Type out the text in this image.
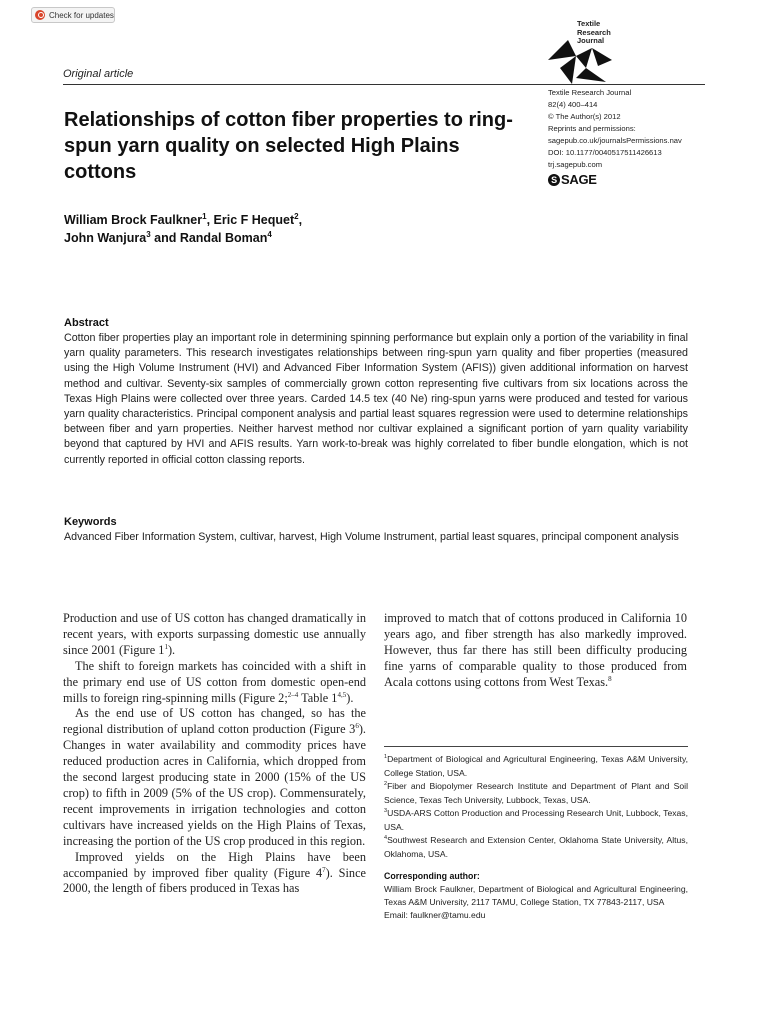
Check for updates
Textile
Research
Journal
Original article
Relationships of cotton fiber properties to ring-spun yarn quality on selected High Plains cottons
William Brock Faulkner$^1$, Eric F Hequet$^2$,
John Wanjura$^3$ and Randal Boman$^4$
Textile Research Journal
82(4) 400–414
© The Author(s) 2012
Reprints and permissions:
sagepub.co.uk/journalsPermissions.nav
DOI: 10.1177/0040517511426613
trj.sagepub.com
S SAGE
Abstract
Cotton fiber properties play an important role in determining spinning performance but explain only a portion of the variability in final yarn quality parameters. This research investigates relationships between ring-spun yarn quality and fiber properties (measured using the High Volume Instrument (HVI) and Advanced Fiber Information System (AFIS)) given additional information on harvest method and cultivar. Seventy-six samples of commercially grown cotton representing five cultivars from six locations across the Texas High Plains were collected over three years. Carded 14.5 tex (40 Ne) ring-spun yarns were produced and tested for various yarn quality characteristics. Principal component analysis and partial least squares regression were used to determine relationships between fiber and yarn properties. Neither harvest method nor cultivar explained a significant portion of yarn quality variability beyond that captured by HVI and AFIS results. Yarn work-to-break was highly correlated to fiber bundle elongation, which is not currently reported in official cotton classing reports.
Keywords
Advanced Fiber Information System, cultivar, harvest, High Volume Instrument, partial least squares, principal component analysis

Production and use of US cotton has changed dramatically in recent years, with exports surpassing domestic use annually since 2001 (Figure $1^1$).

The shift to foreign markets has coincided with a shift in the primary end use of US cotton from domestic open-end mills to foreign ring-spinning mills (Figure 2;$^{2-4}$ Table 1$^{4,5}$).

As the end use of US cotton has changed, so has the regional distribution of upland cotton production (Figure $3^6$). Changes in water availability and commodity prices have reduced production acres in California, which dropped from the second largest producing state in 2000 (15% of the US crop) to fifth in 2009 (5% of the US crop). Commensurately, recent improvements in irrigation technologies and cotton cultivars have increased yields on the High Plains of Texas, increasing the portion of the US crop produced in this region.

Improved yields on the High Plains have been accompanied by improved fiber quality (Figure $4^7$). Since 2000, the length of fibers produced in Texas has

improved to match that of cottons produced in California 10 years ago, and fiber strength has also markedly improved. However, thus far there has still been difficulty producing fine yarns of comparable quality to those produced from Acala cottons using cottons from West Texas.$^8$

$^1$Department of Biological and Agricultural Engineering, Texas A&M University, College Station, USA.
$^2$Fiber and Biopolymer Research Institute and Department of Plant and Soil Science, Texas Tech University, Lubbock, Texas, USA.
$^3$USDA-ARS Cotton Production and Processing Research Unit, Lubbock, Texas, USA.
$^4$Southwest Research and Extension Center, Oklahoma State University, Altus, Oklahoma, USA.
Corresponding author:
William Brock Faulkner, Department of Biological and Agricultural Engineering, Texas A&M University, 2117 TAMU, College Station, TX 77843-2117, USA
Email: faulkner@tamu.edu
